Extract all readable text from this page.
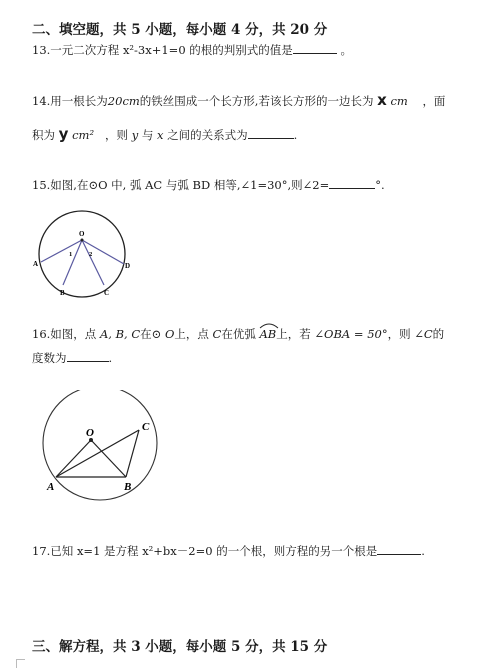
二、填空题，共 5 小题，每小题 4 分，共 20 分
13.一元二次方程 x²-3x+1=0 的根的判别式的值是	。
14.用一根长为20cm的铁丝围成一个长方形,若该长方形的一边长为 x cm ，面
积为 y cm² ，则 y 与 x 之间的关系式为	.
15.如图,在⊙O 中, 弧 AC 与弧 BD 相等,∠1=30°,则∠2=	°.
O
A
B	C
D
1	2
16.如图，点 A, B, C在⊙ O上，点 C在优弧 AB
上，若 ∠OBA = 50°，则 ∠C的
度数为	.
O
A	B
C
17.已知 x=1 是方程 x²+bx－2=0 的一个根，则方程的另一个根是	.
三、解方程，共 3 小题，每小题 5 分，共 15 分
